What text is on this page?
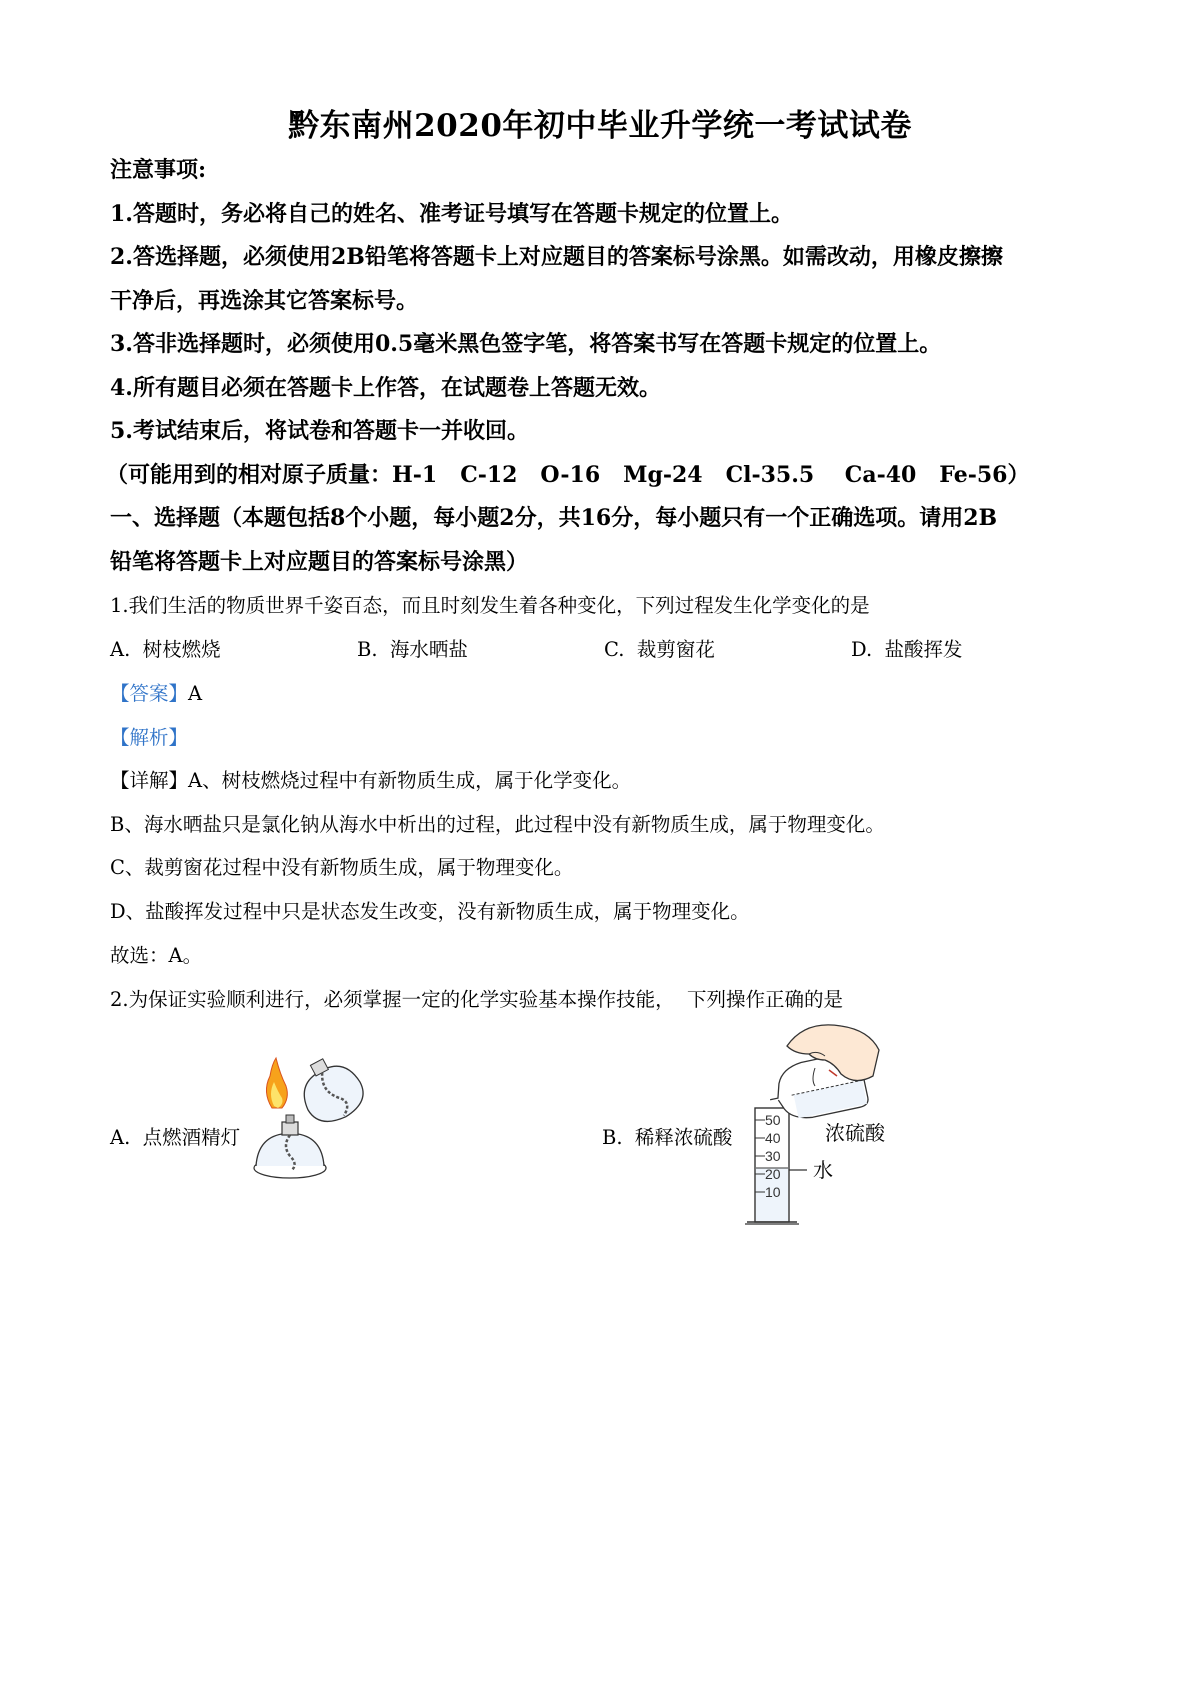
黔东南州2020年初中毕业升学统一考试试卷
注意事项:
1.答题时，务必将自己的姓名、准考证号填写在答题卡规定的位置上。
2.答选择题，必须使用2B铅笔将答题卡上对应题目的答案标号涂黑。如需改动，用橡皮擦擦
干净后，再选涂其它答案标号。
3.答非选择题时，必须使用0.5毫米黑色签字笔，将答案书写在答题卡规定的位置上。
4.所有题目必须在答题卡上作答，在试题卷上答题无效。
5.考试结束后，将试卷和答题卡一并收回。
（可能用到的相对原子质量：H-1   C-12   O-16   Mg-24   Cl-35.5    Ca-40   Fe-56）
一、选择题（本题包括8个小题，每小题2分，共16分，每小题只有一个正确选项。请用2B
铅笔将答题卡上对应题目的答案标号涂黑）
1.我们生活的物质世界千姿百态，而且时刻发生着各种变化，下列过程发生化学变化的是
A.  树枝燃烧	B.  海水晒盐	C.  裁剪窗花	D.  盐酸挥发
【答案】A
【解析】
【详解】A、树枝燃烧过程中有新物质生成，属于化学变化。
B、海水晒盐只是氯化钠从海水中析出的过程，此过程中没有新物质生成，属于物理变化。
C、裁剪窗花过程中没有新物质生成，属于物理变化。
D、盐酸挥发过程中只是状态发生改变，没有新物质生成，属于物理变化。
故选：A。
2.为保证实验顺利进行，必须掌握一定的化学实验基本操作技能，  下列操作正确的是
A.  点燃酒精灯	B.  稀释浓硫酸
水
50
40
30
20
10
浓硫酸
